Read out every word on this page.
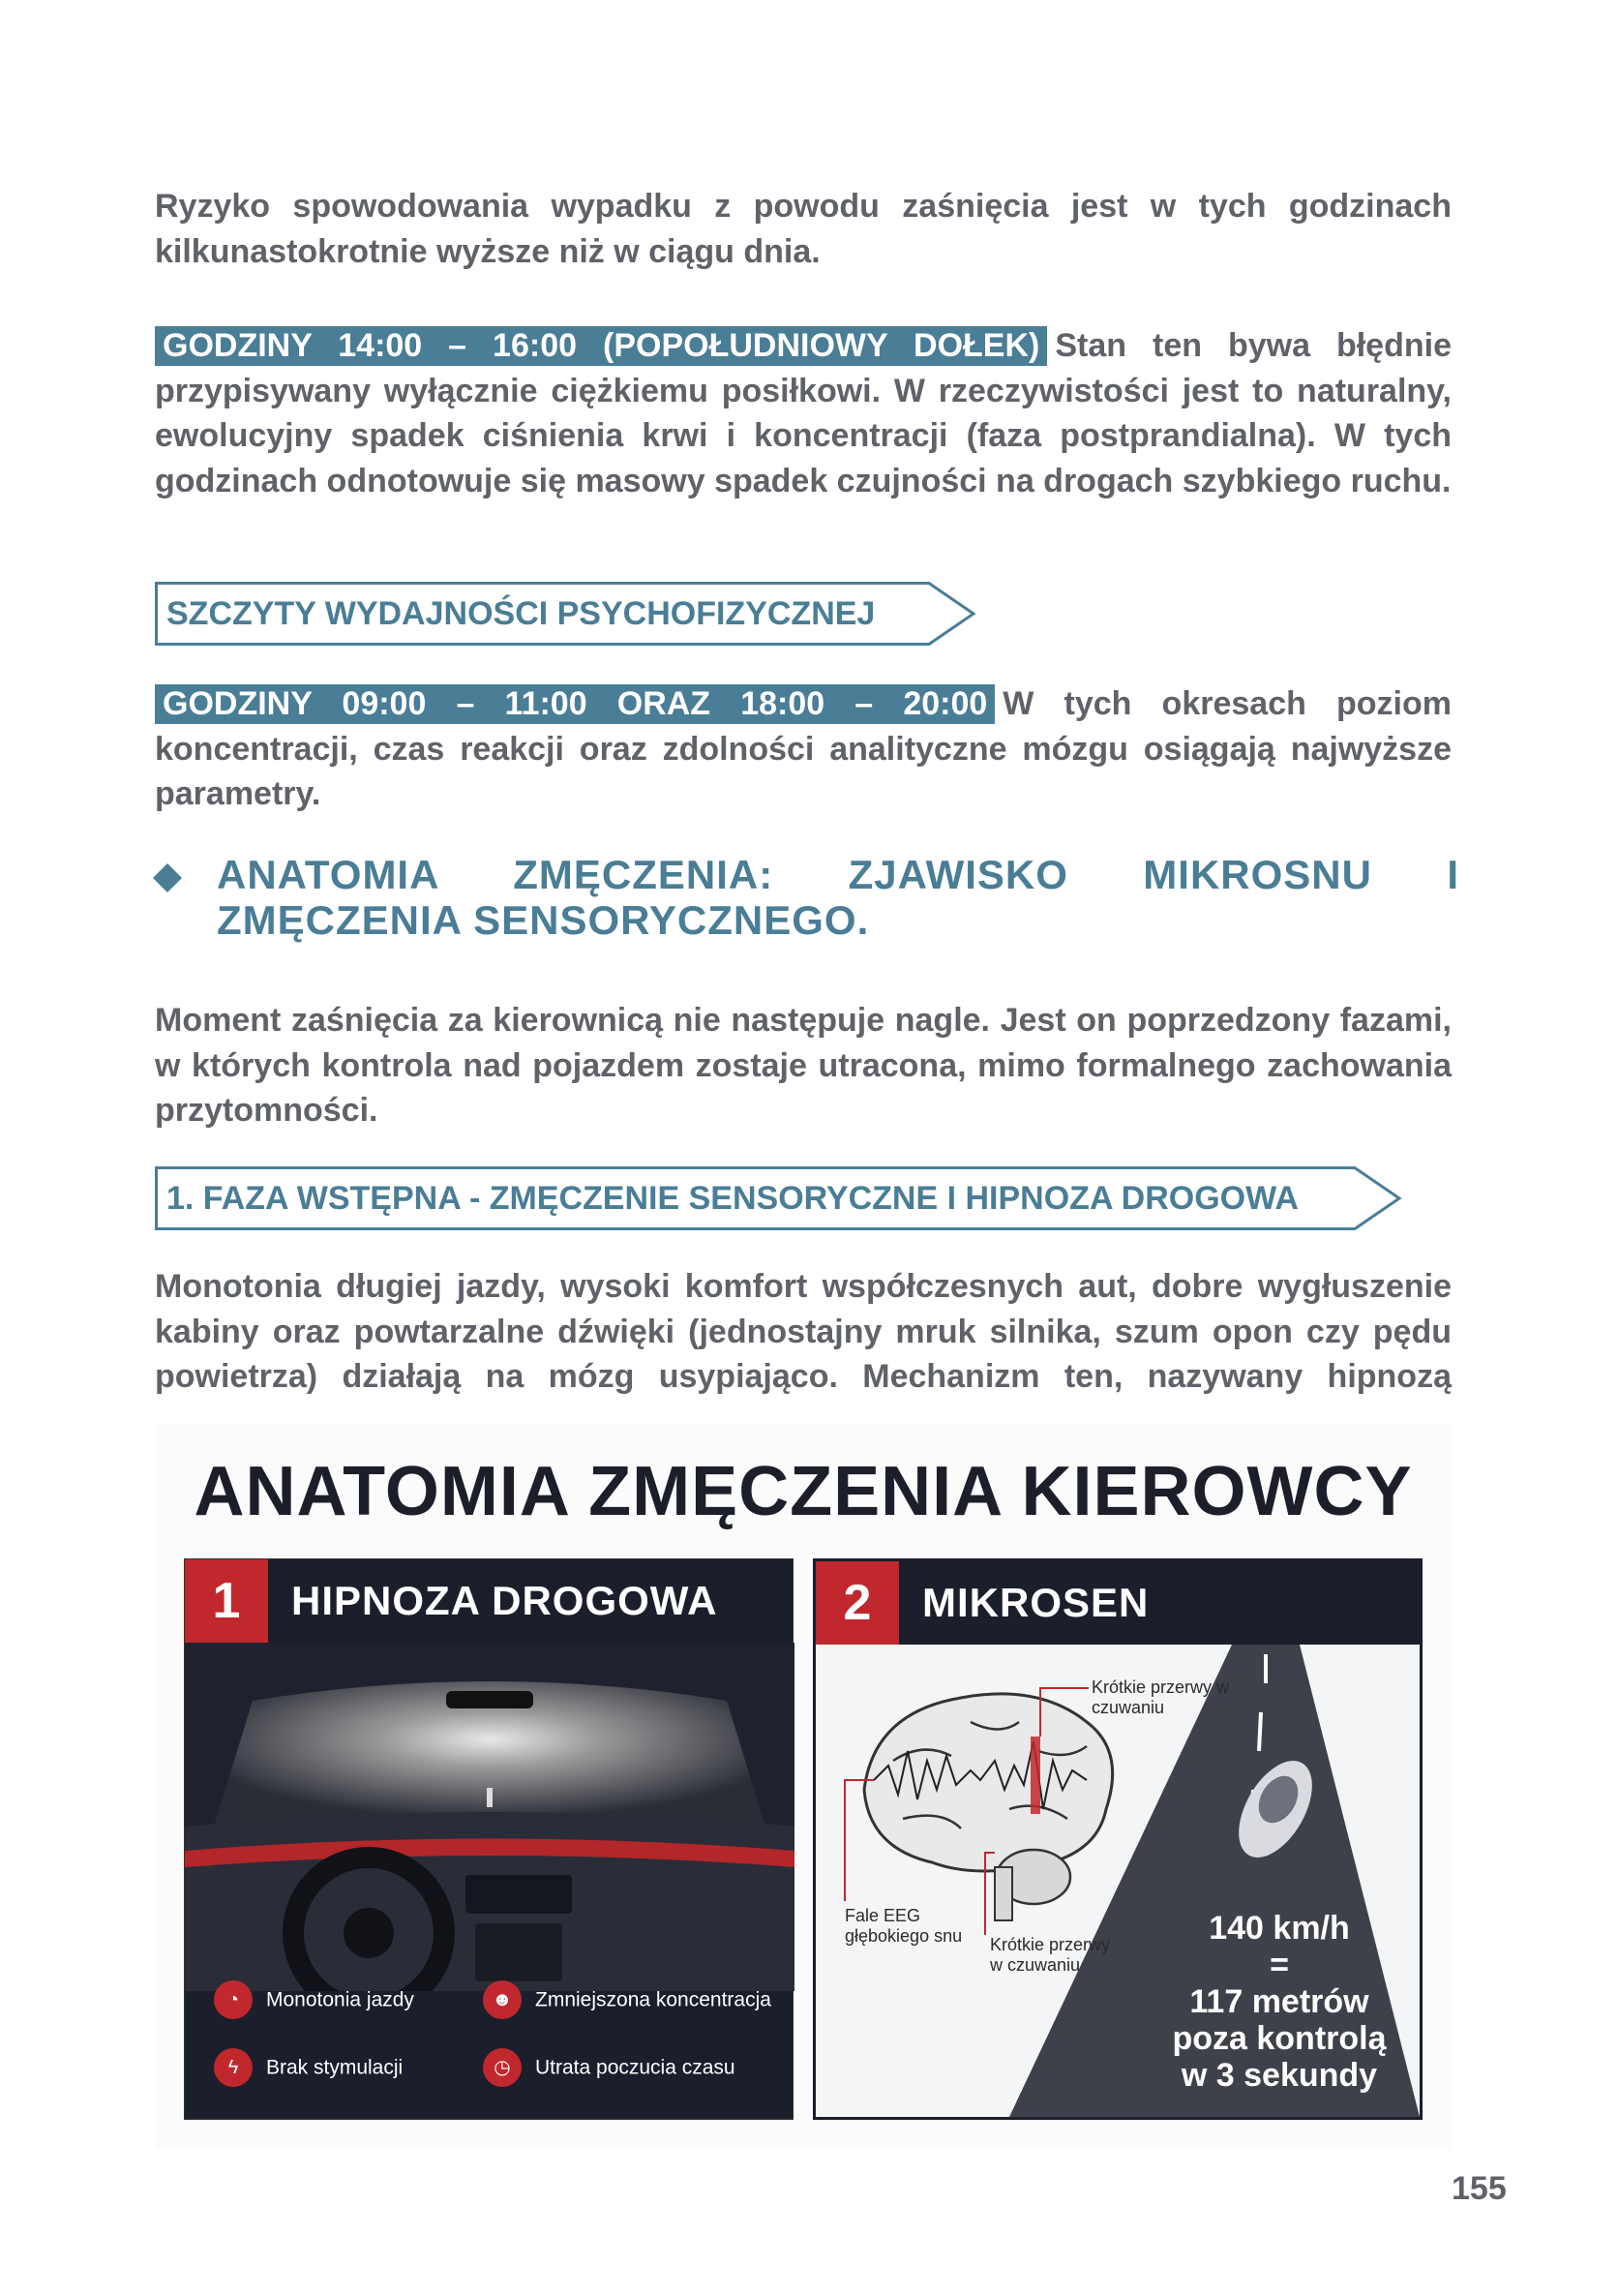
Ryzyko spowodowania wypadku z powodu zaśnięcia jest w tych godzinach kilkunastokrotnie wyższe niż w ciągu dnia.

GODZINY 14:00 – 16:00 (POPOŁUDNIOWY DOŁEK) Stan ten bywa błędnie przypisywany wyłącznie ciężkiemu posiłkowi. W rzeczywistości jest to naturalny, ewolucyjny spadek ciśnienia krwi i koncentracji (faza postprandialna). W tych godzinach odnotowuje się masowy spadek czujności na drogach szybkiego ruchu.

SZCZYTY WYDAJNOŚCI PSYCHOFIZYCZNEJ

GODZINY 09:00 – 11:00 ORAZ 18:00 – 20:00 W tych okresach poziom koncentracji, czas reakcji oraz zdolności analityczne mózgu osiągają najwyższe parametry.

ANATOMIA ZMĘCZENIA: ZJAWISKO MIKROSNU I ZMĘCZENIA SENSORYCZNEGO.

Moment zaśnięcia za kierownicą nie następuje nagle. Jest on poprzedzony fazami, w których kontrola nad pojazdem zostaje utracona, mimo formalnego zachowania przytomności.

1. FAZA WSTĘPNA - ZMĘCZENIE SENSORYCZNE I HIPNOZA DROGOWA

Monotonia długiej jazdy, wysoki komfort współczesnych aut, dobre wygłuszenie kabiny oraz powtarzalne dźwięki (jednostajny mruk silnika, szum opon czy pędu powietrza) działają na mózg usypiająco. Mechanizm ten, nazywany hipnozą

ANATOMIA ZMĘCZENIA KIEROWCY
1	HIPNOZA DROGOWA
◔ Monotonia jazdy	☻ Zmniejszona koncentracja
ϟ Brak stymulacji	◷ Utrata poczucia czasu
2	MIKROSEN
Krótkie przerwy w czuwaniu
Fale EEG głębokiego snu	Krótkie przerwy w czuwaniu
140 km/h
=
117 metrów
poza kontrolą
w 3 sekundy
155
